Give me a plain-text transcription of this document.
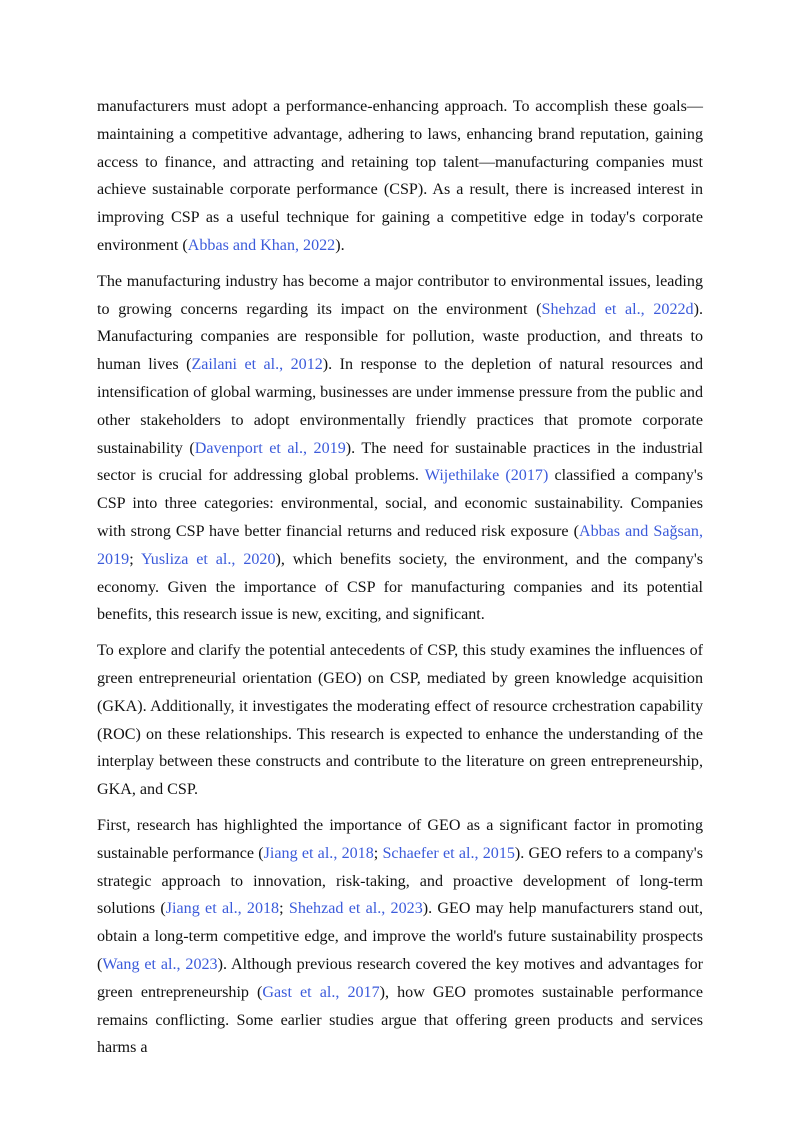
manufacturers must adopt a performance-enhancing approach. To accomplish these goals—maintaining a competitive advantage, adhering to laws, enhancing brand reputation, gaining access to finance, and attracting and retaining top talent—manufacturing companies must achieve sustainable corporate performance (CSP). As a result, there is increased interest in improving CSP as a useful technique for gaining a competitive edge in today's corporate environment (Abbas and Khan, 2022).

The manufacturing industry has become a major contributor to environmental issues, leading to growing concerns regarding its impact on the environment (Shehzad et al., 2022d). Manufacturing companies are responsible for pollution, waste production, and threats to human lives (Zailani et al., 2012). In response to the depletion of natural resources and intensification of global warming, businesses are under immense pressure from the public and other stakeholders to adopt environmentally friendly practices that promote corporate sustainability (Davenport et al., 2019). The need for sustainable practices in the industrial sector is crucial for addressing global problems. Wijethilake (2017) classified a company's CSP into three categories: environmental, social, and economic sustainability. Companies with strong CSP have better financial returns and reduced risk exposure (Abbas and Sağsan, 2019; Yusliza et al., 2020), which benefits society, the environment, and the company's economy. Given the importance of CSP for manufacturing companies and its potential benefits, this research issue is new, exciting, and significant.

To explore and clarify the potential antecedents of CSP, this study examines the influences of green entrepreneurial orientation (GEO) on CSP, mediated by green knowledge acquisition (GKA). Additionally, it investigates the moderating effect of resource crchestration capability (ROC) on these relationships. This research is expected to enhance the understanding of the interplay between these constructs and contribute to the literature on green entrepreneurship, GKA, and CSP.

First, research has highlighted the importance of GEO as a significant factor in promoting sustainable performance (Jiang et al., 2018; Schaefer et al., 2015). GEO refers to a company's strategic approach to innovation, risk-taking, and proactive development of long-term solutions (Jiang et al., 2018; Shehzad et al., 2023). GEO may help manufacturers stand out, obtain a long-term competitive edge, and improve the world's future sustainability prospects (Wang et al., 2023). Although previous research covered the key motives and advantages for green entrepreneurship (Gast et al., 2017), how GEO promotes sustainable performance remains conflicting. Some earlier studies argue that offering green products and services harms a
